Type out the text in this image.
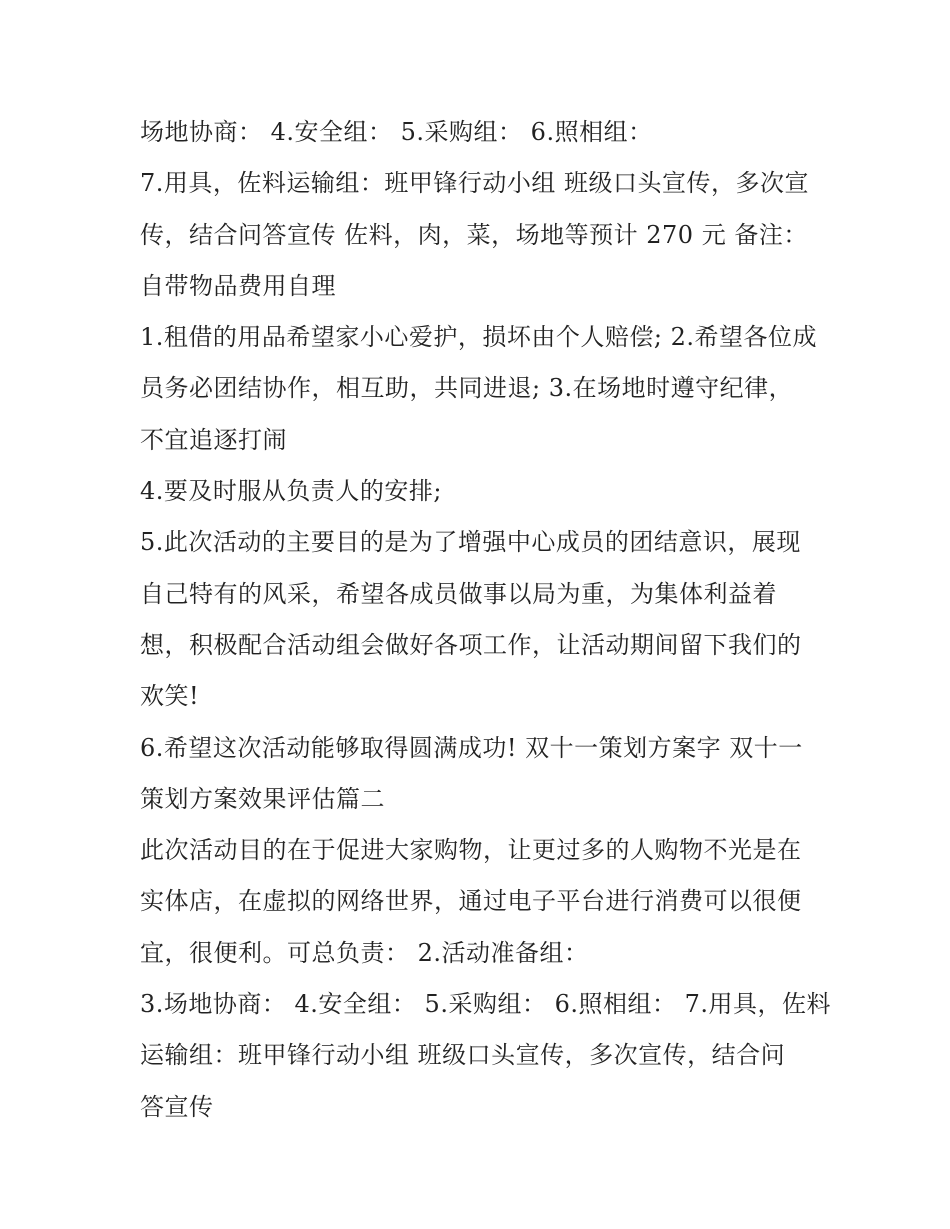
场地协商： 4.安全组： 5.采购组： 6.照相组：
7.用具，佐料运输组：班甲锋行动小组 班级口头宣传，多次宣
传，结合问答宣传 佐料，肉，菜，场地等预计 270 元 备注：
自带物品费用自理
1.租借的用品希望家小心爱护，损坏由个人赔偿; 2.希望各位成
员务必团结协作，相互助，共同进退; 3.在场地时遵守纪律，
不宜追逐打闹
4.要及时服从负责人的安排;
5.此次活动的主要目的是为了增强中心成员的团结意识，展现
自己特有的风采，希望各成员做事以局为重，为集体利益着
想，积极配合活动组会做好各项工作，让活动期间留下我们的
欢笑!
6.希望这次活动能够取得圆满成功! 双十一策划方案字 双十一
策划方案效果评估篇二
此次活动目的在于促进大家购物，让更过多的人购物不光是在
实体店，在虚拟的网络世界，通过电子平台进行消费可以很便
宜，很便利。可总负责： 2.活动准备组：
3.场地协商： 4.安全组： 5.采购组： 6.照相组： 7.用具，佐料
运输组：班甲锋行动小组 班级口头宣传，多次宣传，结合问
答宣传
